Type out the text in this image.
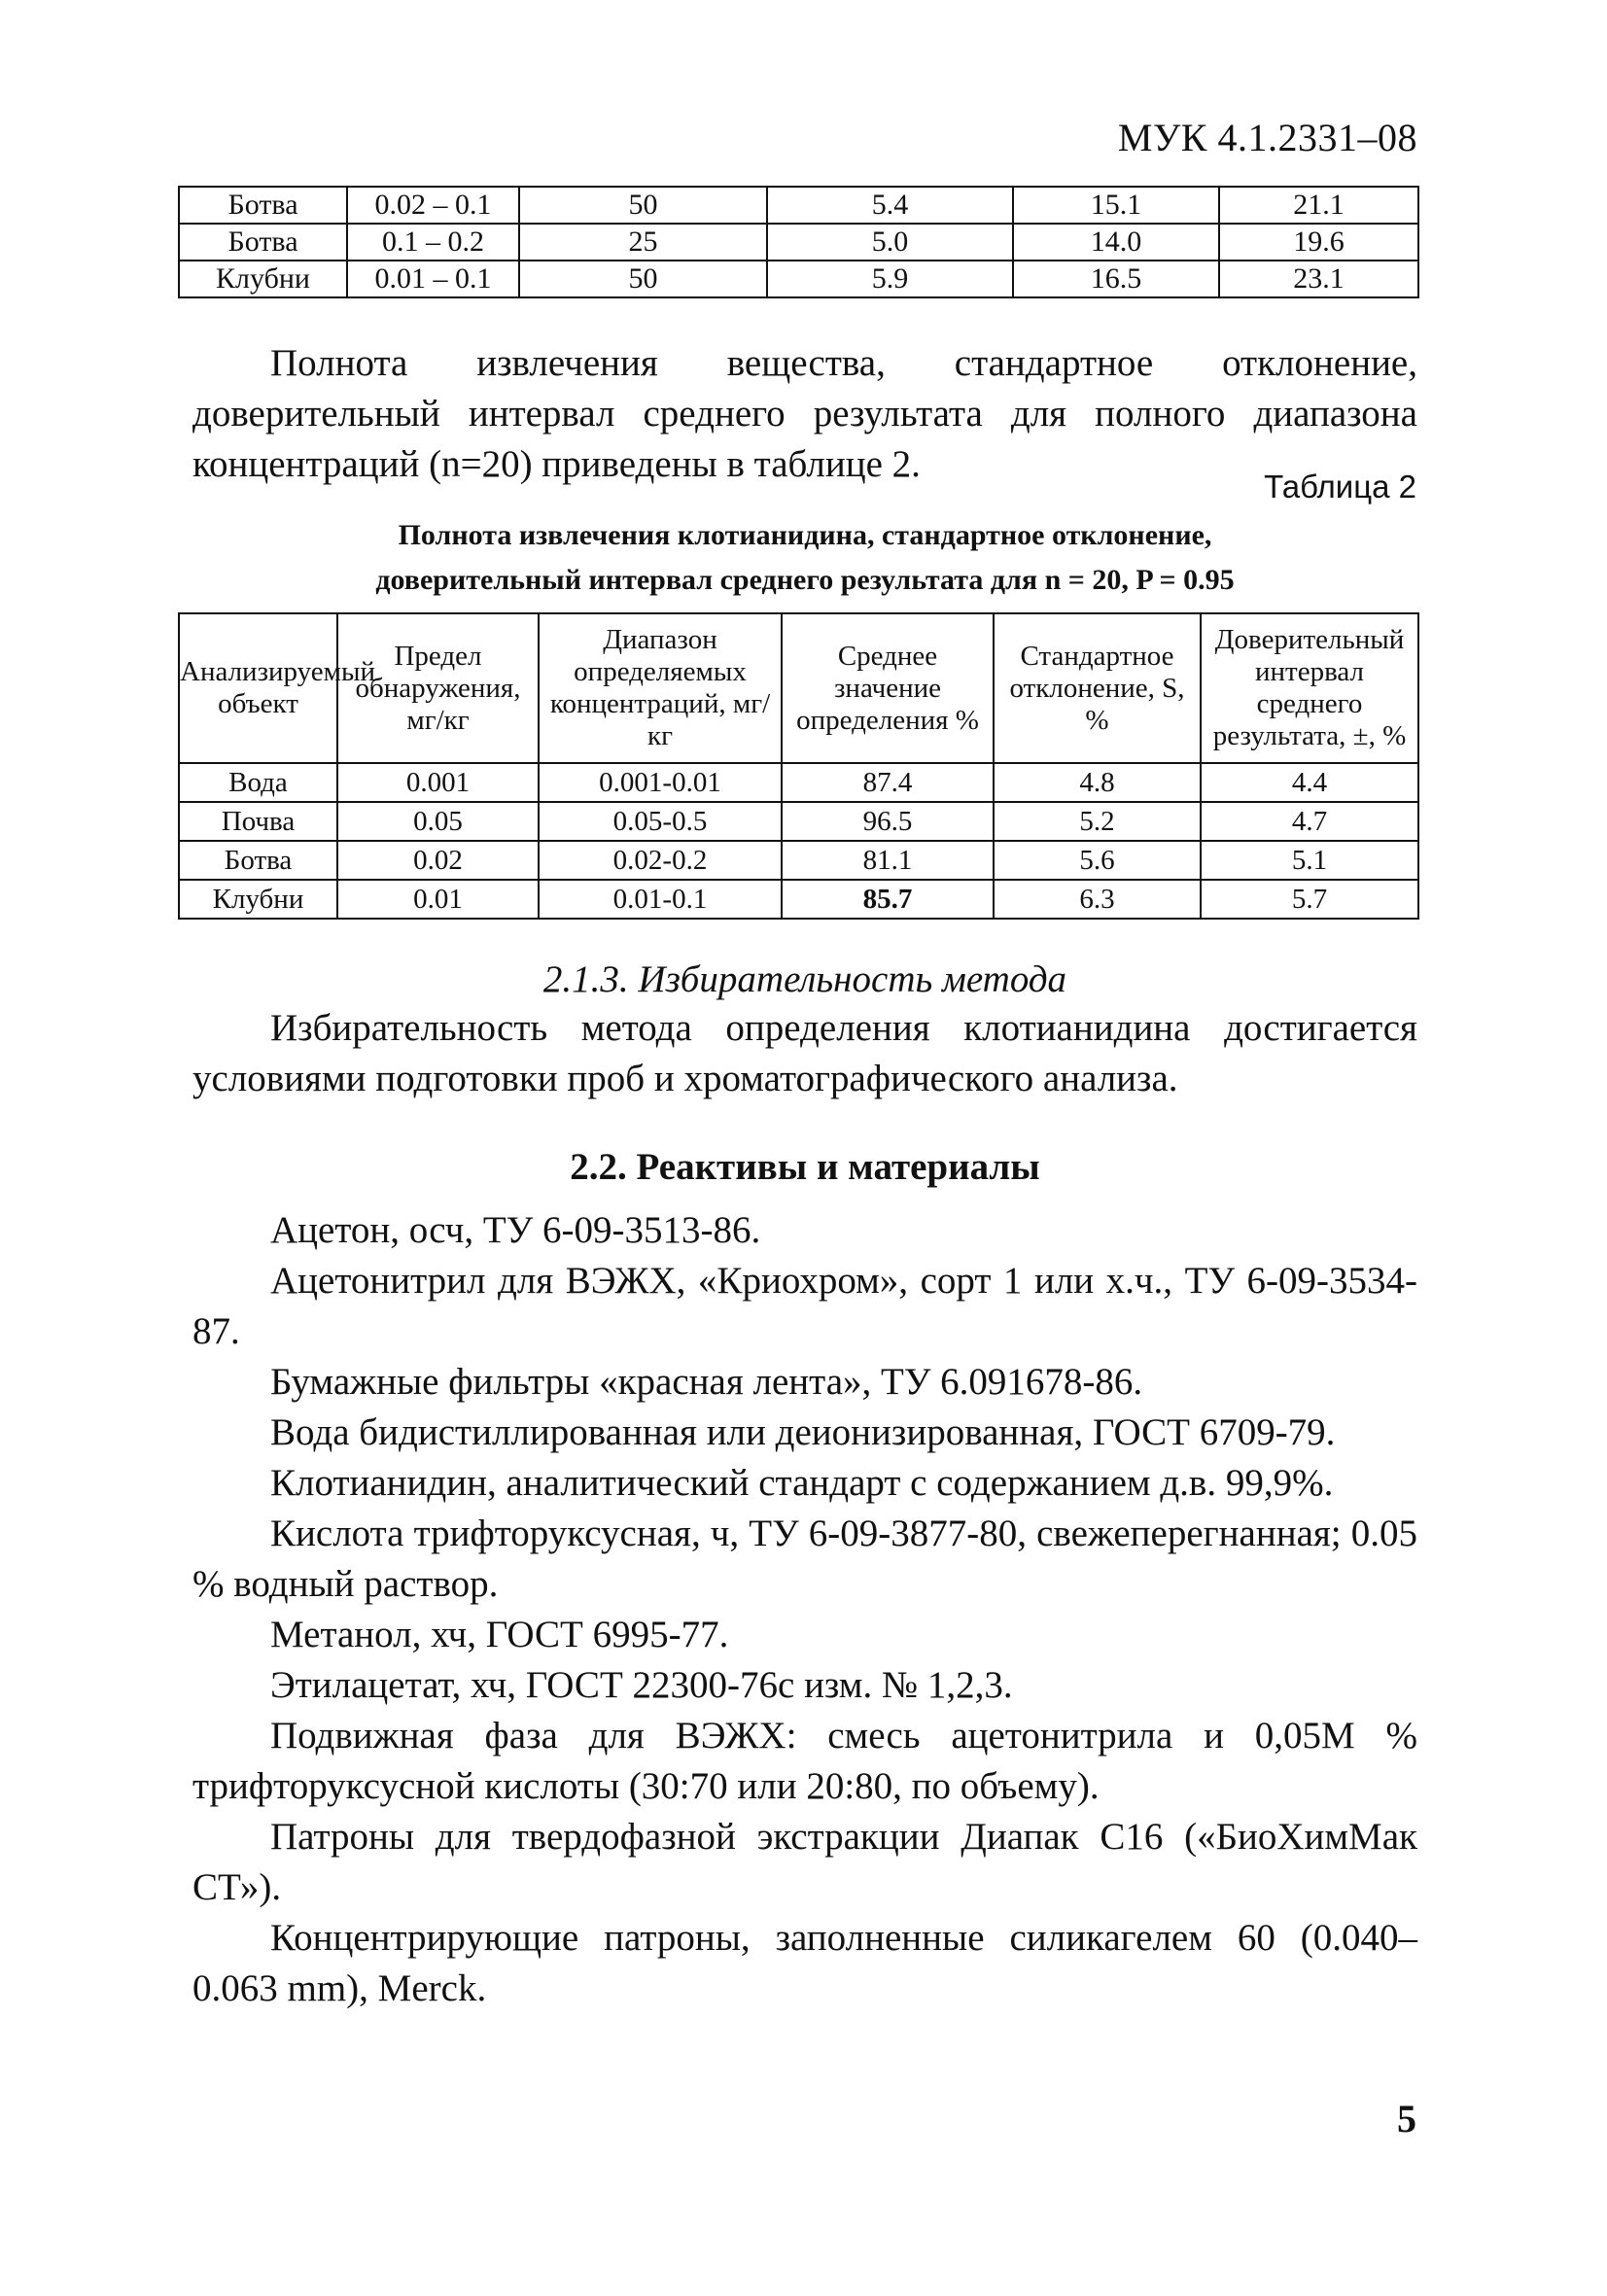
МУК 4.1.2331–08
Ботва	0.02 – 0.1	50	5.4	15.1	21.1
Ботва	0.1 – 0.2	25	5.0	14.0	19.6
Клубни	0.01 – 0.1	50	5.9	16.5	23.1
Полнота извлечения вещества, стандартное отклонение, доверительный интервал среднего результата для полного диапазона концентраций (n=20) приведены в таблице 2.
Таблица 2
Полнота извлечения клотианидина, стандартное отклонение,
доверительный интервал среднего результата для n = 20, P = 0.95
Анализируемый объект	Предел обнаружения, мг/кг	Диапазон определяемых концентраций, мг/кг	Среднее значение определения %	Стандартное отклонение, S, %	Доверительный интервал среднего результата, ±, %
Вода	0.001	0.001-0.01	87.4	4.8	4.4
Почва	0.05	0.05-0.5	96.5	5.2	4.7
Ботва	0.02	0.02-0.2	81.1	5.6	5.1
Клубни	0.01	0.01-0.1	85.7	6.3	5.7
2.1.3. Избирательность метода
Избирательность метода определения клотианидина достигается условиями подготовки проб и хроматографического анализа.
2.2. Реактивы и материалы

Ацетон, осч, ТУ 6-09-3513-86.

Ацетонитрил для ВЭЖХ, «Криохром», сорт 1 или х.ч., ТУ 6-09-3534-87.

Бумажные фильтры «красная лента», ТУ 6.091678-86.

Вода бидистиллированная или деионизированная, ГОСТ 6709-79.

Клотианидин, аналитический стандарт с содержанием д.в. 99,9%.

Кислота трифторуксусная, ч, ТУ 6-09-3877-80, свежеперегнанная; 0.05 % водный раствор.

Метанол, хч, ГОСТ 6995-77.

Этилацетат, хч, ГОСТ 22300-76с изм. № 1,2,3.

Подвижная фаза для ВЭЖХ: смесь ацетонитрила и 0,05М % трифторуксусной кислоты (30:70 или 20:80, по объему).

Патроны для твердофазной экстракции Диапак С16 («БиоХимМак СТ»).

Концентрирующие патроны, заполненные силикагелем 60 (0.040–0.063 mm), Merck.

5
